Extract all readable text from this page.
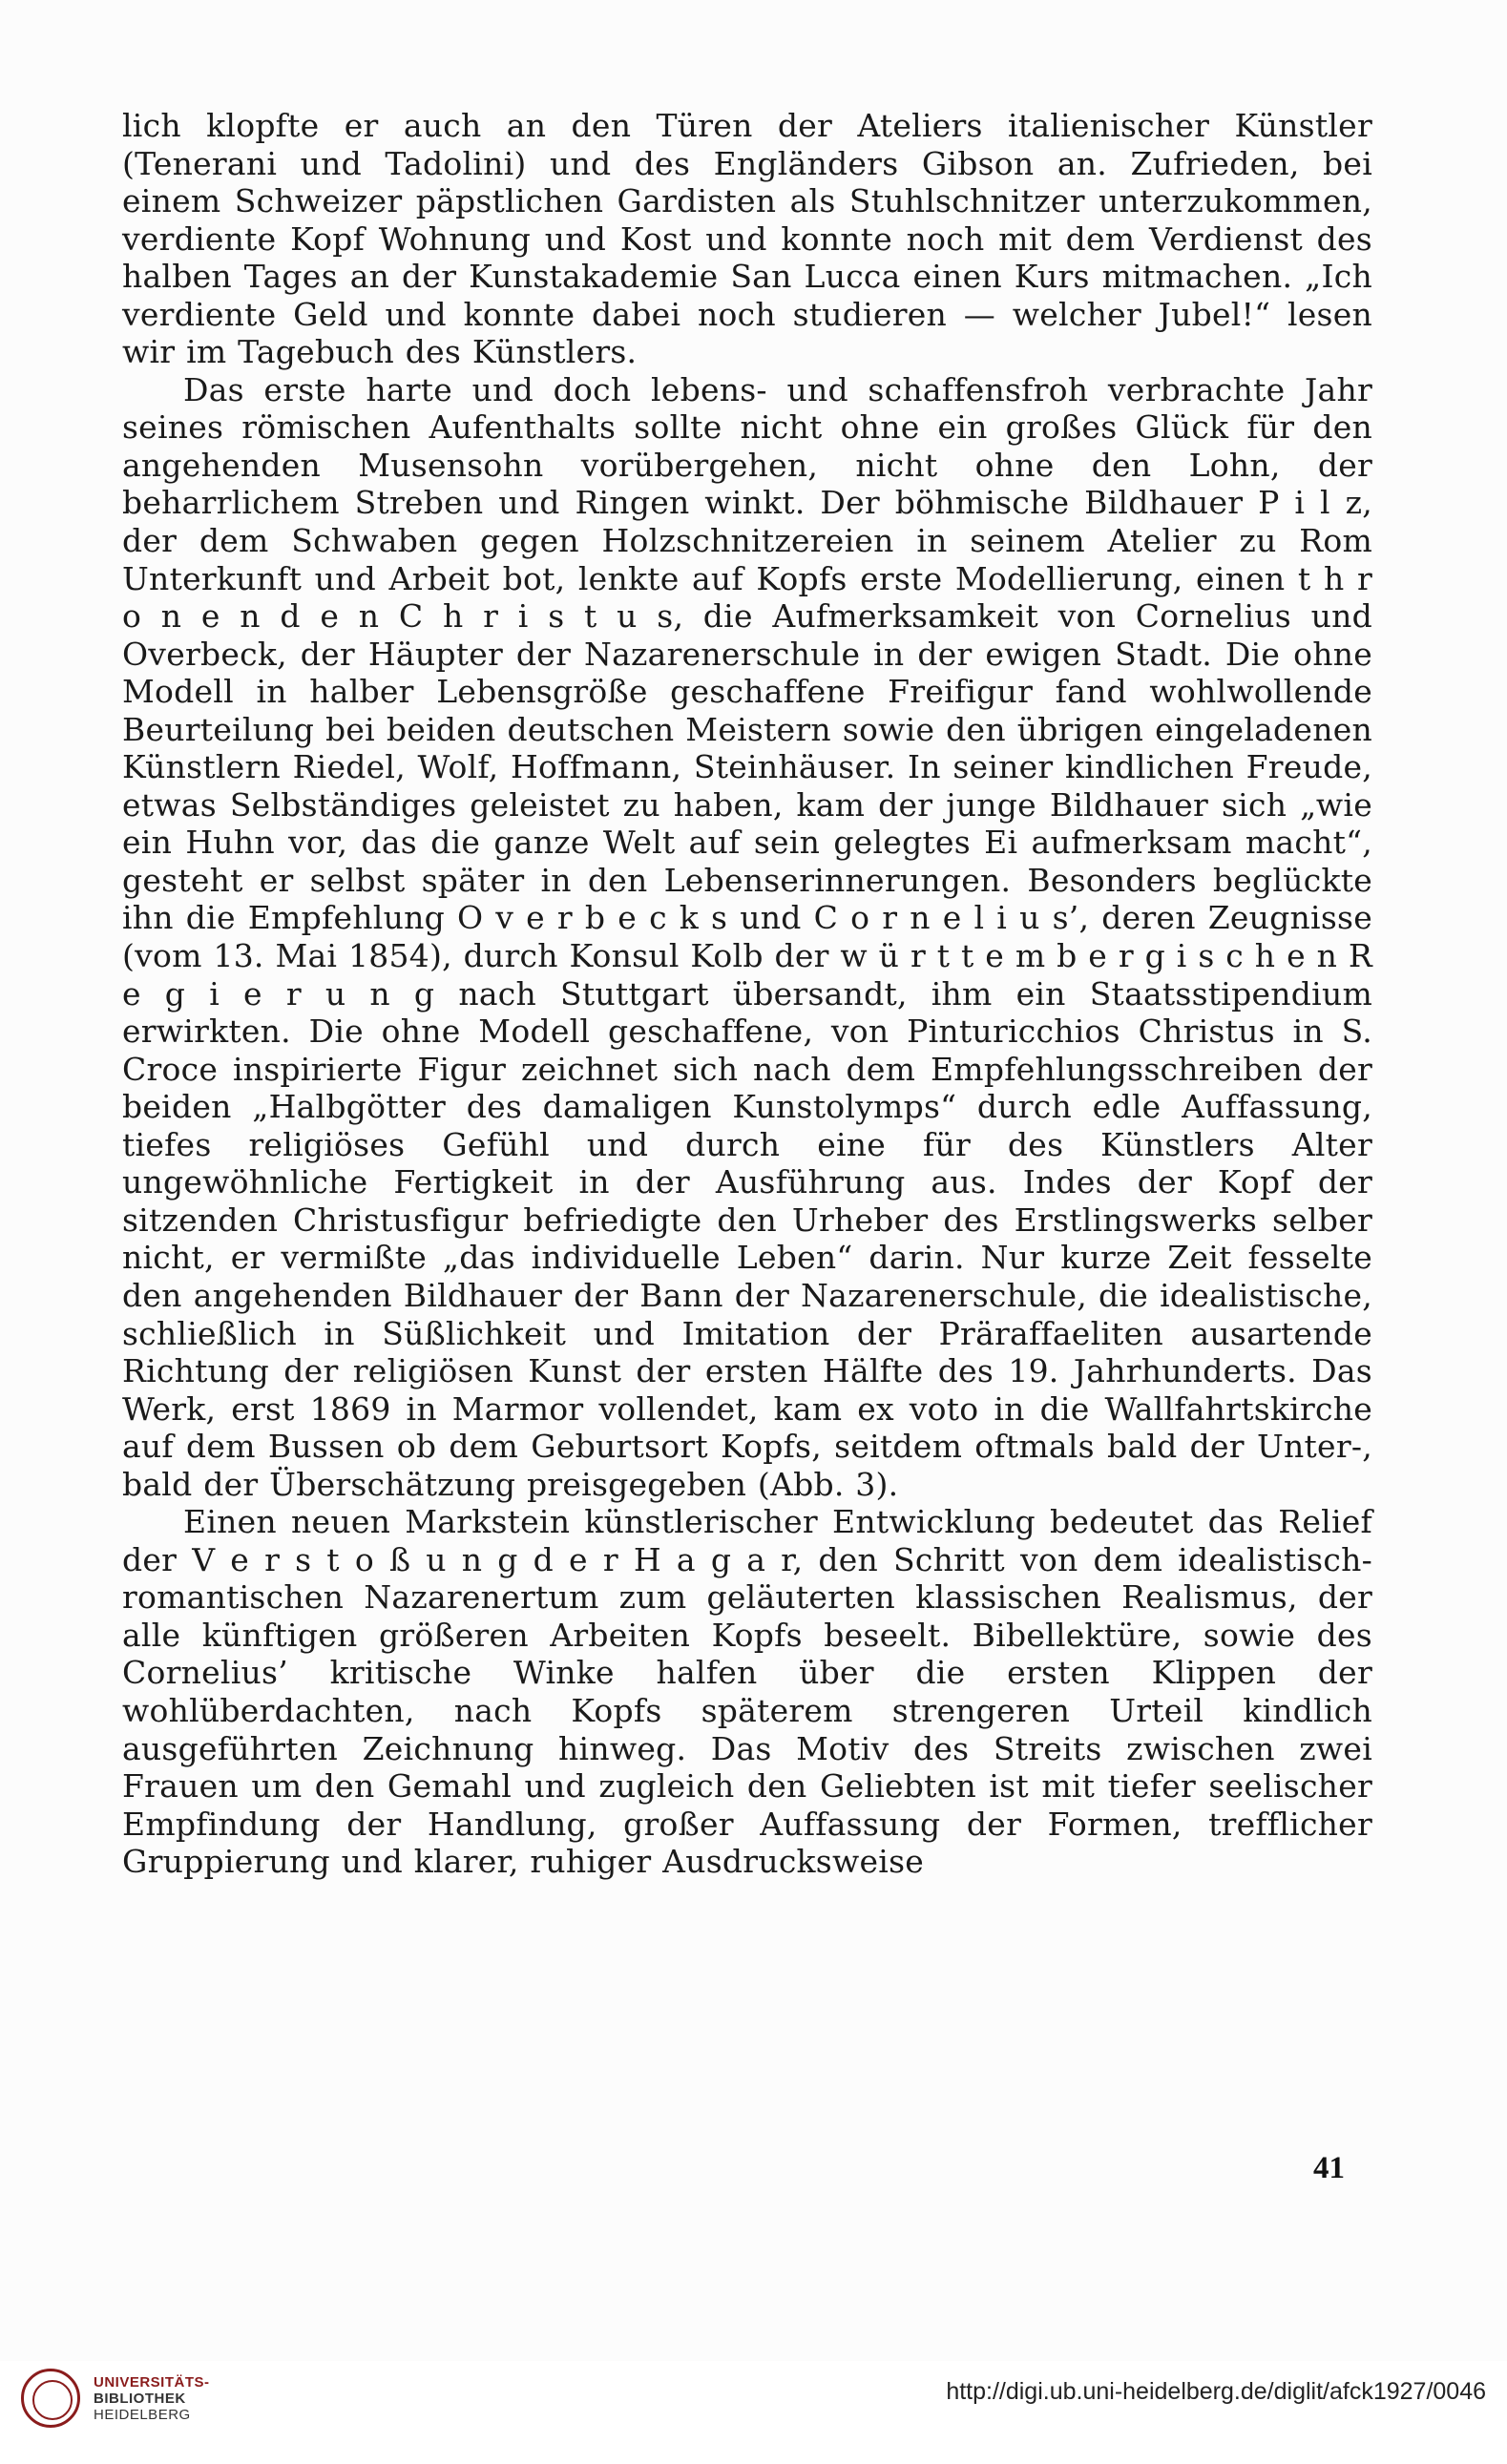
lich klopfte er auch an den Türen der Ateliers italienischer Künstler (Tenerani und Tadolini) und des Engländers Gibson an. Zufrieden, bei einem Schweizer päpstlichen Gardisten als Stuhlschnitzer unterzukommen, verdiente Kopf Wohnung und Kost und konnte noch mit dem Verdienst des halben Tages an der Kunstakademie San Lucca einen Kurs mitmachen. „Ich verdiente Geld und konnte dabei noch studieren — welcher Jubel!“ lesen wir im Tagebuch des Künstlers.

Das erste harte und doch lebens- und schaffensfroh verbrachte Jahr seines römischen Aufenthalts sollte nicht ohne ein großes Glück für den angehenden Musensohn vorübergehen, nicht ohne den Lohn, der beharrlichem Streben und Ringen winkt. Der böhmische Bildhauer P i l z, der dem Schwaben gegen Holzschnitzereien in seinem Atelier zu Rom Unterkunft und Arbeit bot, lenkte auf Kopfs erste Modellierung, einen t h r o n e n d e n C h r i s t u s, die Aufmerksamkeit von Cornelius und Overbeck, der Häupter der Nazarenerschule in der ewigen Stadt. Die ohne Modell in halber Lebensgröße geschaffene Freifigur fand wohlwollende Beurteilung bei beiden deutschen Meistern sowie den übrigen eingeladenen Künstlern Riedel, Wolf, Hoffmann, Steinhäuser. In seiner kindlichen Freude, etwas Selbständiges geleistet zu haben, kam der junge Bildhauer sich „wie ein Huhn vor, das die ganze Welt auf sein gelegtes Ei aufmerksam macht“, gesteht er selbst später in den Lebenserinnerungen. Besonders beglückte ihn die Empfehlung O v e r b e c k s und C o r n e l i u s’, deren Zeugnisse (vom 13. Mai 1854), durch Konsul Kolb der w ü r t t e m b e r g i s c h e n R e g i e r u n g nach Stuttgart übersandt, ihm ein Staatsstipendium erwirkten. Die ohne Modell geschaffene, von Pinturicchios Christus in S. Croce inspirierte Figur zeichnet sich nach dem Empfehlungsschreiben der beiden „Halbgötter des damaligen Kunstolymps“ durch edle Auffassung, tiefes religiöses Gefühl und durch eine für des Künstlers Alter ungewöhnliche Fertigkeit in der Ausführung aus. Indes der Kopf der sitzenden Christusfigur befriedigte den Urheber des Erstlingswerks selber nicht, er vermißte „das individuelle Leben“ darin. Nur kurze Zeit fesselte den angehenden Bildhauer der Bann der Nazarenerschule, die idealistische, schließlich in Süßlichkeit und Imitation der Präraffaeliten ausartende Richtung der religiösen Kunst der ersten Hälfte des 19. Jahrhunderts. Das Werk, erst 1869 in Marmor vollendet, kam ex voto in die Wallfahrtskirche auf dem Bussen ob dem Geburtsort Kopfs, seitdem oftmals bald der Unter-, bald der Überschätzung preisgegeben (Abb. 3).

Einen neuen Markstein künstlerischer Entwicklung bedeutet das Relief der V e r s t o ß u n g d e r H a g a r, den Schritt von dem idealistisch-romantischen Nazarenertum zum geläuterten klassischen Realismus, der alle künftigen größeren Arbeiten Kopfs beseelt. Bibellektüre, sowie des Cornelius’ kritische Winke halfen über die ersten Klippen der wohlüberdachten, nach Kopfs späterem strengeren Urteil kindlich ausgeführten Zeichnung hinweg. Das Motiv des Streits zwischen zwei Frauen um den Gemahl und zugleich den Geliebten ist mit tiefer seelischer Empfindung der Handlung, großer Auffassung der Formen, trefflicher Gruppierung und klarer, ruhiger Ausdrucksweise

41
UNIVERSITÄTS-
BIBLIOTHEK
HEIDELBERG
http://digi.ub.uni-heidelberg.de/diglit/afck1927/0046
